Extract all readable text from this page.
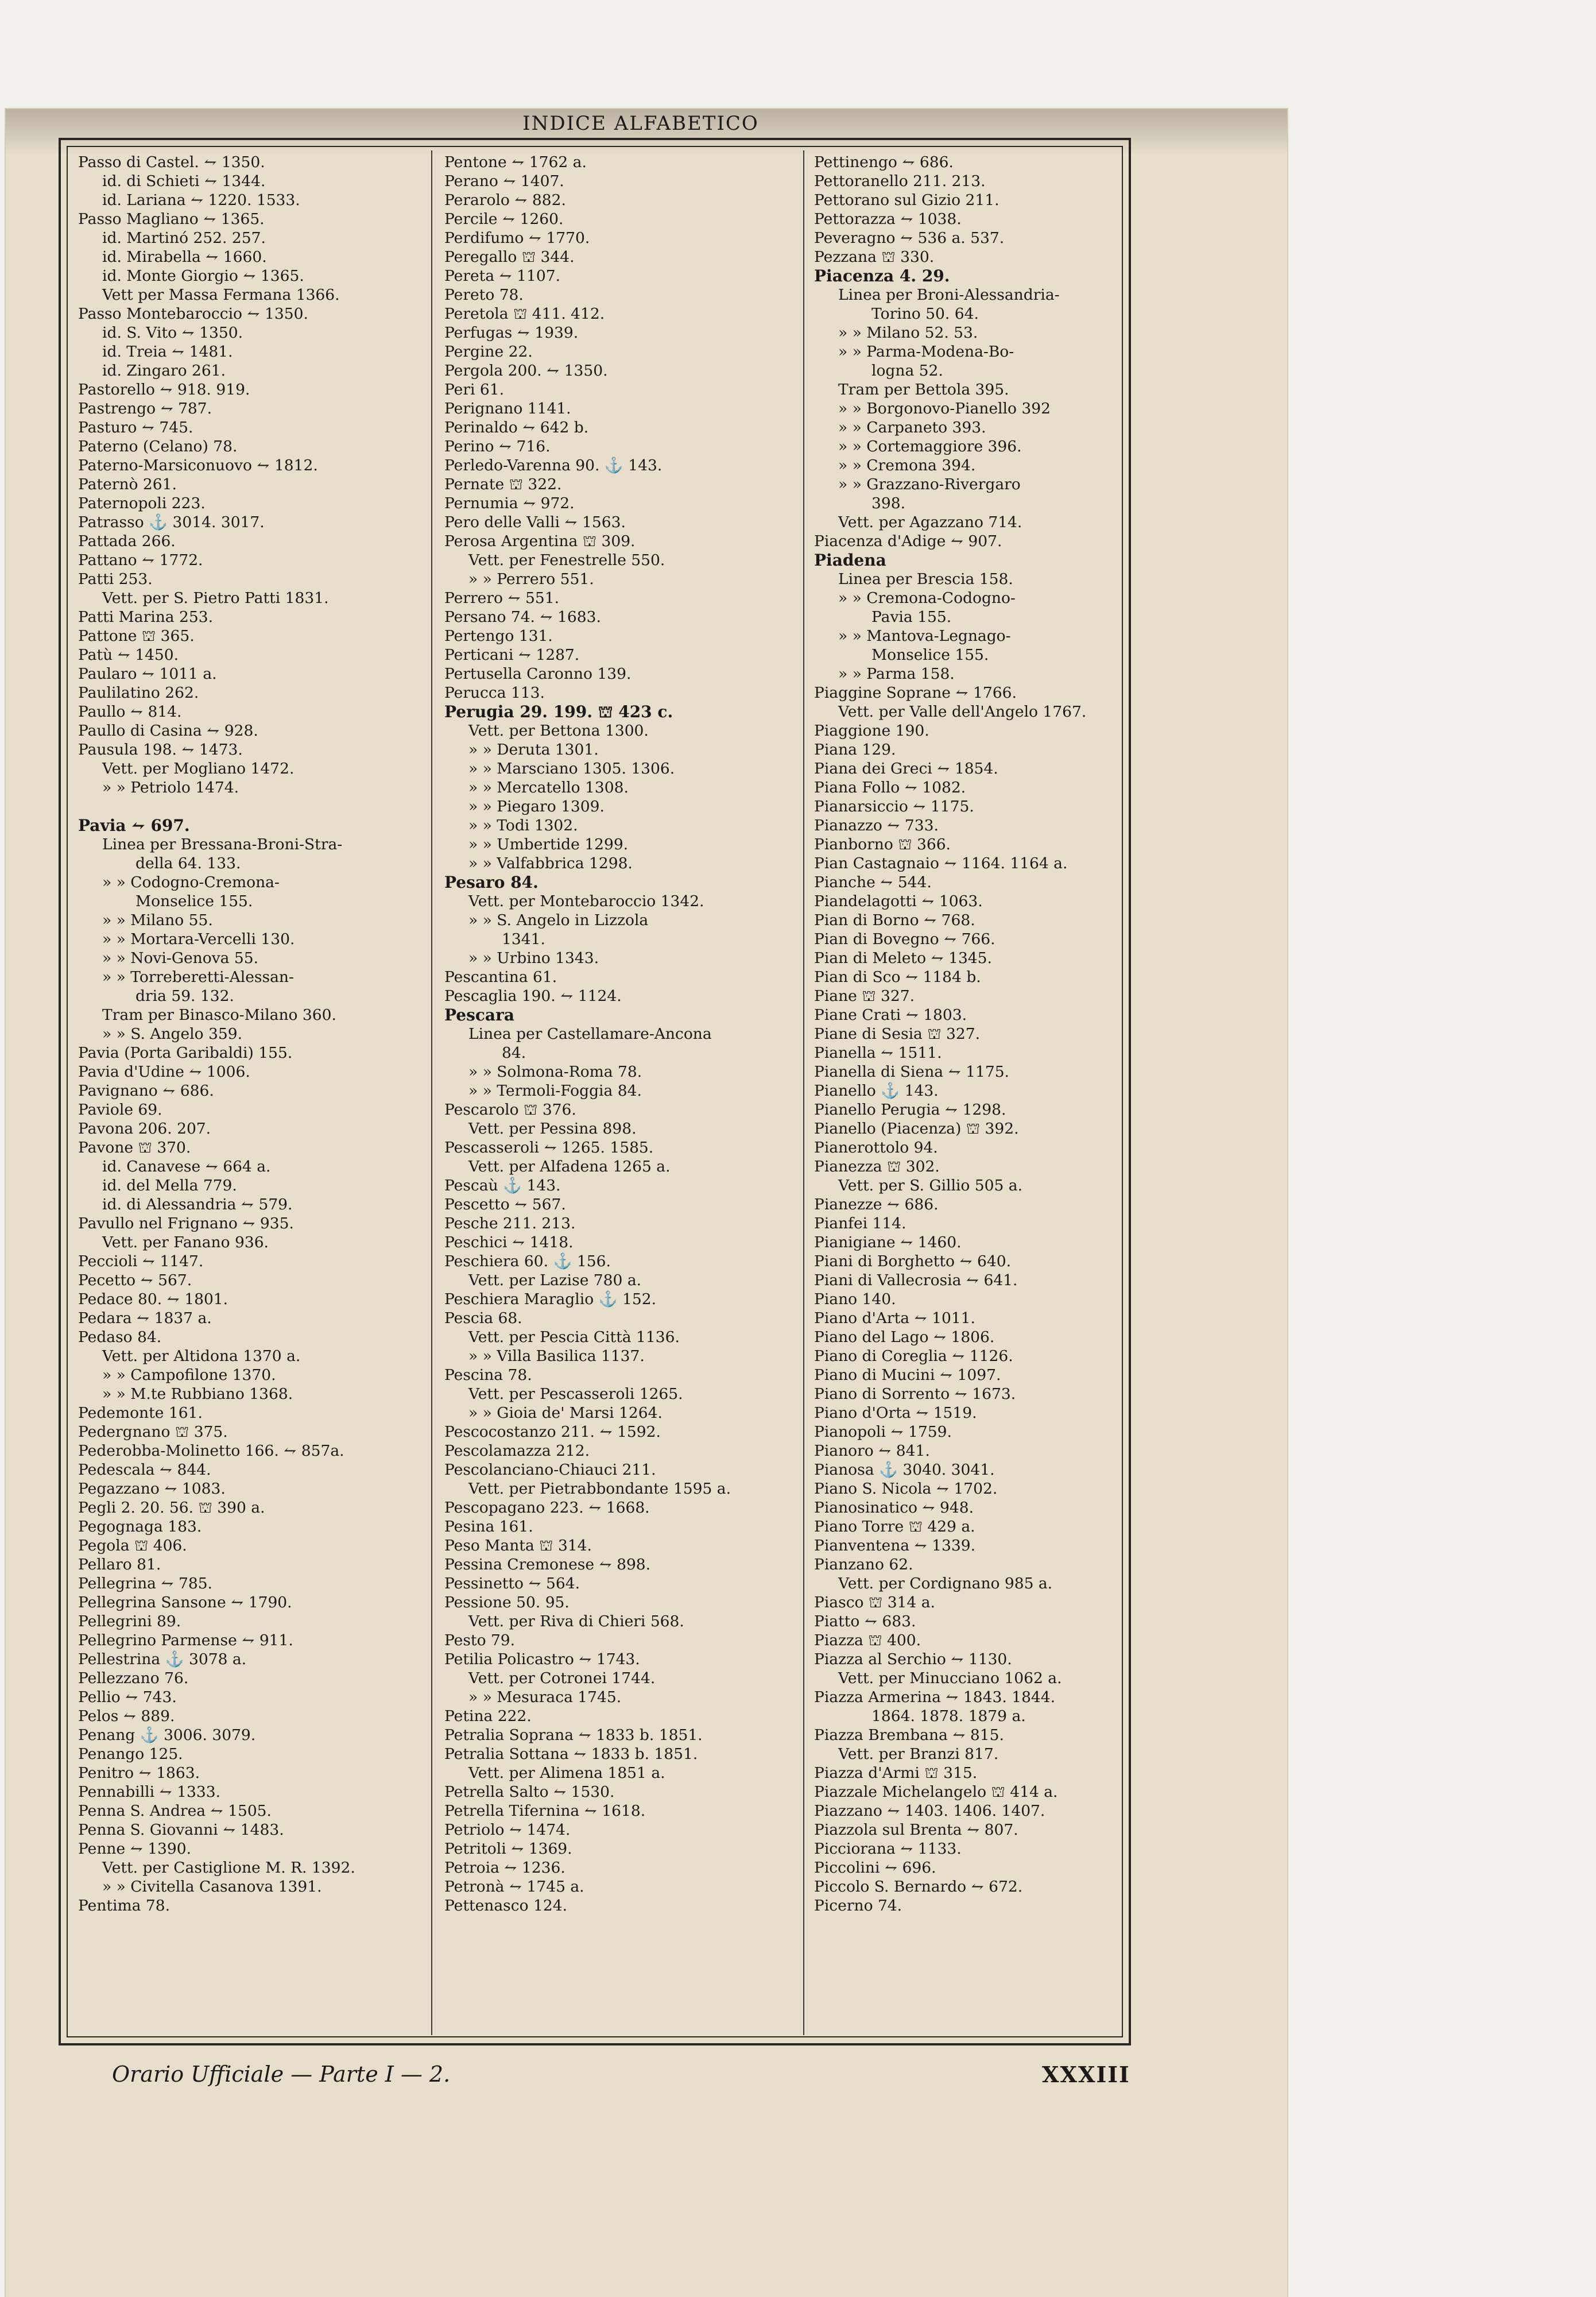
INDICE ALFABETICO
Passo di Castel. ⥊ 1350.
id. di Schieti ⥊ 1344.
id. Lariana ⥊ 1220. 1533.
Passo Magliano ⥊ 1365.
id. Martinó 252. 257.
id. Mirabella ⥊ 1660.
id. Monte Giorgio ⥊ 1365.
Vett per Massa Fermana 1366.
Passo Montebaroccio ⥊ 1350.
id. S. Vito ⥊ 1350.
id. Treia ⥊ 1481.
id. Zingaro 261.
Pastorello ⥊ 918. 919.
Pastrengo ⥊ 787.
Pasturo ⥊ 745.
Paterno (Celano) 78.
Paterno-Marsiconuovo ⥊ 1812.
Paternò 261.
Paternopoli 223.
Patrasso ⚓ 3014. 3017.
Pattada 266.
Pattano ⥊ 1772.
Patti 253.
Vett. per S. Pietro Patti 1831.
Patti Marina 253.
Pattone ⛫ 365.
Patù ⥊ 1450.
Paularo ⥊ 1011 a.
Paulilatino 262.
Paullo ⥊ 814.
Paullo di Casina ⥊ 928.
Pausula 198. ⥊ 1473.
Vett. per Mogliano 1472.
» » Petriolo 1474.

Pavia ⥊ 697.
Linea per Bressana-Broni-Stra-
della 64. 133.
» » Codogno-Cremona-
Monselice 155.
» » Milano 55.
» » Mortara-Vercelli 130.
» » Novi-Genova 55.
» » Torreberetti-Alessan-
dria 59. 132.
Tram per Binasco-Milano 360.
» » S. Angelo 359.
Pavia (Porta Garibaldi) 155.
Pavia d'Udine ⥊ 1006.
Pavignano ⥊ 686.
Paviole 69.
Pavona 206. 207.
Pavone ⛫ 370.
id. Canavese ⥊ 664 a.
id. del Mella 779.
id. di Alessandria ⥊ 579.
Pavullo nel Frignano ⥊ 935.
Vett. per Fanano 936.
Peccioli ⥊ 1147.
Pecetto ⥊ 567.
Pedace 80. ⥊ 1801.
Pedara ⥊ 1837 a.
Pedaso 84.
Vett. per Altidona 1370 a.
» » Campofilone 1370.
» » M.te Rubbiano 1368.
Pedemonte 161.
Pedergnano ⛫ 375.
Pederobba-Molinetto 166. ⥊ 857a.
Pedescala ⥊ 844.
Pegazzano ⥊ 1083.
Pegli 2. 20. 56. ⛫ 390 a.
Pegognaga 183.
Pegola ⛫ 406.
Pellaro 81.
Pellegrina ⥊ 785.
Pellegrina Sansone ⥊ 1790.
Pellegrini 89.
Pellegrino Parmense ⥊ 911.
Pellestrina ⚓ 3078 a.
Pellezzano 76.
Pellio ⥊ 743.
Pelos ⥊ 889.
Penang ⚓ 3006. 3079.
Penango 125.
Penitro ⥊ 1863.
Pennabilli ⥊ 1333.
Penna S. Andrea ⥊ 1505.
Penna S. Giovanni ⥊ 1483.
Penne ⥊ 1390.
Vett. per Castiglione M. R. 1392.
» » Civitella Casanova 1391.
Pentima 78.
Pentone ⥊ 1762 a.
Perano ⥊ 1407.
Perarolo ⥊ 882.
Percile ⥊ 1260.
Perdifumo ⥊ 1770.
Peregallo ⛫ 344.
Pereta ⥊ 1107.
Pereto 78.
Peretola ⛫ 411. 412.
Perfugas ⥊ 1939.
Pergine 22.
Pergola 200. ⥊ 1350.
Peri 61.
Perignano 1141.
Perinaldo ⥊ 642 b.
Perino ⥊ 716.
Perledo-Varenna 90. ⚓ 143.
Pernate ⛫ 322.
Pernumia ⥊ 972.
Pero delle Valli ⥊ 1563.
Perosa Argentina ⛫ 309.
Vett. per Fenestrelle 550.
» » Perrero 551.
Perrero ⥊ 551.
Persano 74. ⥊ 1683.
Pertengo 131.
Perticani ⥊ 1287.
Pertusella Caronno 139.
Perucca 113.
Perugia 29. 199. ⛫ 423 c.
Vett. per Bettona 1300.
» » Deruta 1301.
» » Marsciano 1305. 1306.
» » Mercatello 1308.
» » Piegaro 1309.
» » Todi 1302.
» » Umbertide 1299.
» » Valfabbrica 1298.
Pesaro 84.
Vett. per Montebaroccio 1342.
» » S. Angelo in Lizzola
1341.
» » Urbino 1343.
Pescantina 61.
Pescaglia 190. ⥊ 1124.
Pescara
Linea per Castellamare-Ancona
84.
» » Solmona-Roma 78.
» » Termoli-Foggia 84.
Pescarolo ⛫ 376.
Vett. per Pessina 898.
Pescasseroli ⥊ 1265. 1585.
Vett. per Alfadena 1265 a.
Pescaù ⚓ 143.
Pescetto ⥊ 567.
Pesche 211. 213.
Peschici ⥊ 1418.
Peschiera 60. ⚓ 156.
Vett. per Lazise 780 a.
Peschiera Maraglio ⚓ 152.
Pescia 68.
Vett. per Pescia Città 1136.
» » Villa Basilica 1137.
Pescina 78.
Vett. per Pescasseroli 1265.
» » Gioia de' Marsi 1264.
Pescocostanzo 211. ⥊ 1592.
Pescolamazza 212.
Pescolanciano-Chiauci 211.
Vett. per Pietrabbondante 1595 a.
Pescopagano 223. ⥊ 1668.
Pesina 161.
Peso Manta ⛫ 314.
Pessina Cremonese ⥊ 898.
Pessinetto ⥊ 564.
Pessione 50. 95.
Vett. per Riva di Chieri 568.
Pesto 79.
Petilia Policastro ⥊ 1743.
Vett. per Cotronei 1744.
» » Mesuraca 1745.
Petina 222.
Petralia Soprana ⥊ 1833 b. 1851.
Petralia Sottana ⥊ 1833 b. 1851.
Vett. per Alimena 1851 a.
Petrella Salto ⥊ 1530.
Petrella Tifernina ⥊ 1618.
Petriolo ⥊ 1474.
Petritoli ⥊ 1369.
Petroia ⥊ 1236.
Petronà ⥊ 1745 a.
Pettenasco 124.
Pettinengo ⥊ 686.
Pettoranello 211. 213.
Pettorano sul Gizio 211.
Pettorazza ⥊ 1038.
Peveragno ⥊ 536 a. 537.
Pezzana ⛫ 330.
Piacenza 4. 29.
Linea per Broni-Alessandria-
Torino 50. 64.
» » Milano 52. 53.
» » Parma-Modena-Bo-
logna 52.
Tram per Bettola 395.
» » Borgonovo-Pianello 392
» » Carpaneto 393.
» » Cortemaggiore 396.
» » Cremona 394.
» » Grazzano-Rivergaro
398.
Vett. per Agazzano 714.
Piacenza d'Adige ⥊ 907.
Piadena
Linea per Brescia 158.
» » Cremona-Codogno-
Pavia 155.
» » Mantova-Legnago-
Monselice 155.
» » Parma 158.
Piaggine Soprane ⥊ 1766.
Vett. per Valle dell'Angelo 1767.
Piaggione 190.
Piana 129.
Piana dei Greci ⥊ 1854.
Piana Follo ⥊ 1082.
Pianarsiccio ⥊ 1175.
Pianazzo ⥊ 733.
Pianborno ⛫ 366.
Pian Castagnaio ⥊ 1164. 1164 a.
Pianche ⥊ 544.
Piandelagotti ⥊ 1063.
Pian di Borno ⥊ 768.
Pian di Bovegno ⥊ 766.
Pian di Meleto ⥊ 1345.
Pian di Sco ⥊ 1184 b.
Piane ⛫ 327.
Piane Crati ⥊ 1803.
Piane di Sesia ⛫ 327.
Pianella ⥊ 1511.
Pianella di Siena ⥊ 1175.
Pianello ⚓ 143.
Pianello Perugia ⥊ 1298.
Pianello (Piacenza) ⛫ 392.
Pianerottolo 94.
Pianezza ⛫ 302.
Vett. per S. Gillio 505 a.
Pianezze ⥊ 686.
Pianfei 114.
Pianigiane ⥊ 1460.
Piani di Borghetto ⥊ 640.
Piani di Vallecrosia ⥊ 641.
Piano 140.
Piano d'Arta ⥊ 1011.
Piano del Lago ⥊ 1806.
Piano di Coreglia ⥊ 1126.
Piano di Mucini ⥊ 1097.
Piano di Sorrento ⥊ 1673.
Piano d'Orta ⥊ 1519.
Pianopoli ⥊ 1759.
Pianoro ⥊ 841.
Pianosa ⚓ 3040. 3041.
Piano S. Nicola ⥊ 1702.
Pianosinatico ⥊ 948.
Piano Torre ⛫ 429 a.
Pianventena ⥊ 1339.
Pianzano 62.
Vett. per Cordignano 985 a.
Piasco ⛫ 314 a.
Piatto ⥊ 683.
Piazza ⛫ 400.
Piazza al Serchio ⥊ 1130.
Vett. per Minucciano 1062 a.
Piazza Armerina ⥊ 1843. 1844.
1864. 1878. 1879 a.
Piazza Brembana ⥊ 815.
Vett. per Branzi 817.
Piazza d'Armi ⛫ 315.
Piazzale Michelangelo ⛫ 414 a.
Piazzano ⥊ 1403. 1406. 1407.
Piazzola sul Brenta ⥊ 807.
Picciorana ⥊ 1133.
Piccolini ⥊ 696.
Piccolo S. Bernardo ⥊ 672.
Picerno 74.
Orario Ufficiale — Parte I — 2.	XXXIII
